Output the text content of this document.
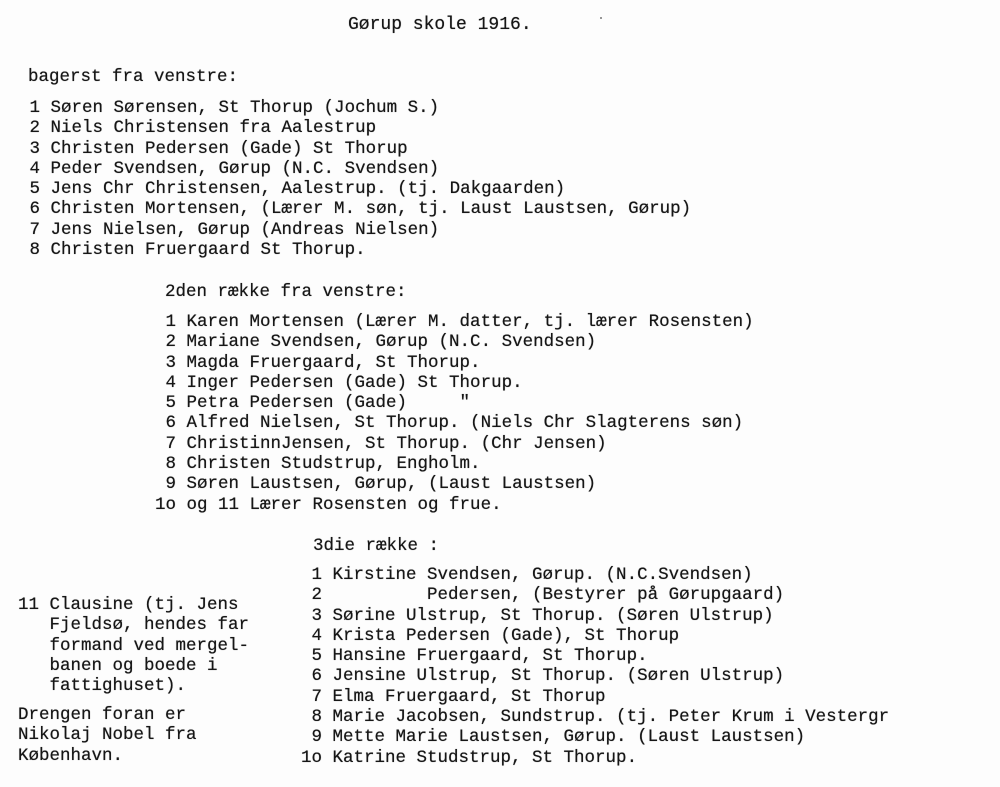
Gørup skole 1916.
bagerst fra venstre:
1 Søren Sørensen, St Thorup (Jochum S.)
2 Niels Christensen fra Aalestrup
3 Christen Pedersen (Gade) St Thorup
4 Peder Svendsen, Gørup (N.C. Svendsen)
5 Jens Chr Christensen, Aalestrup. (tj. Dakgaarden)
6 Christen Mortensen, (Lærer M. søn, tj. Laust Laustsen, Gørup)
7 Jens Nielsen, Gørup (Andreas Nielsen)
8 Christen Fruergaard St Thorup.
2den række fra venstre:
1 Karen Mortensen (Lærer M. datter, tj. lærer Rosensten)
2 Mariane Svendsen, Gørup (N.C. Svendsen)
3 Magda Fruergaard, St Thorup.
4 Inger Pedersen (Gade) St Thorup.
5 Petra Pedersen (Gade)     "
6 Alfred Nielsen, St Thorup. (Niels Chr Slagterens søn)
7 ChristinnJensen, St Thorup. (Chr Jensen)
8 Christen Studstrup, Engholm.
9 Søren Laustsen, Gørup, (Laust Laustsen)
1o og 11 Lærer Rosensten og frue.
3die række :
1 Kirstine Svendsen, Gørup. (N.C.Svendsen)
2          Pedersen, (Bestyrer på Gørupgaard)
3 Sørine Ulstrup, St Thorup. (Søren Ulstrup)
4 Krista Pedersen (Gade), St Thorup
5 Hansine Fruergaard, St Thorup.
6 Jensine Ulstrup, St Thorup. (Søren Ulstrup)
7 Elma Fruergaard, St Thorup
8 Marie Jacobsen, Sundstrup. (tj. Peter Krum i Vestergr
9 Mette Marie Laustsen, Gørup. (Laust Laustsen)
1o Katrine Studstrup, St Thorup.
11 Clausine (tj. Jens
Fjeldsø, hendes far
formand ved mergel-
banen og boede i
fattighuset).
Drengen foran er
Nikolaj Nobel fra
København.
